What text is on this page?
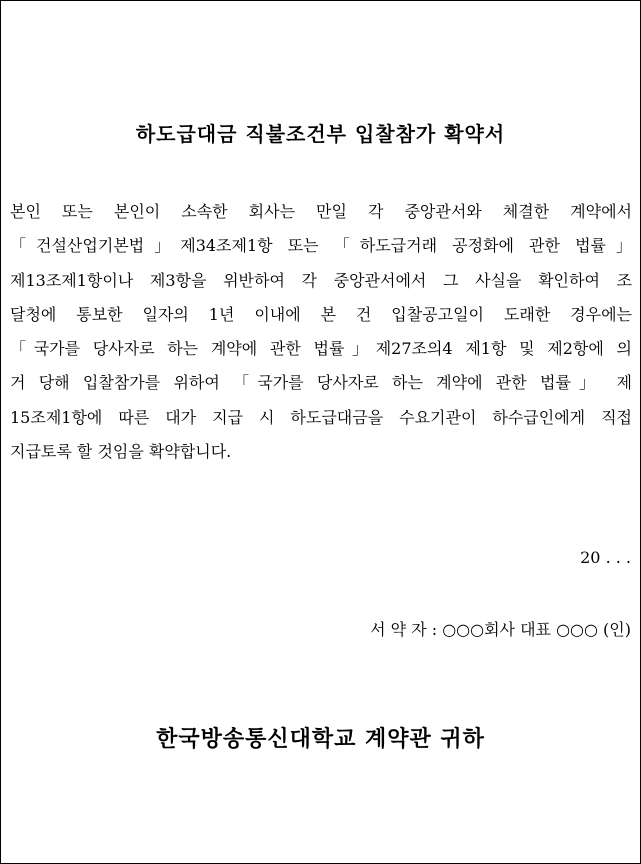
하도급대금 직불조건부 입찰참가 확약서
본인 또는 본인이 소속한 회사는 만일 각 중앙관서와 체결한 계약에서
「건설산업기본법」제34조제1항 또는 「하도급거래 공정화에 관한 법률」
제13조제1항이나 제3항을 위반하여 각 중앙관서에서 그 사실을 확인하여 조
달청에 통보한 일자의 1년 이내에 본 건 입찰공고일이 도래한 경우에는
「국가를 당사자로 하는 계약에 관한 법률」제27조의4 제1항 및 제2항에 의
거 당해 입찰참가를 위하여 「국가를 당사자로 하는 계약에 관한 법률」 제
15조제1항에 따른 대가 지급 시 하도급대금을 수요기관이 하수급인에게 직접
지급토록 할 것임을 확약합니다.
20 . . .
서 약 자 : ○○○회사 대표 ○○○ (인)
한국방송통신대학교 계약관 귀하
